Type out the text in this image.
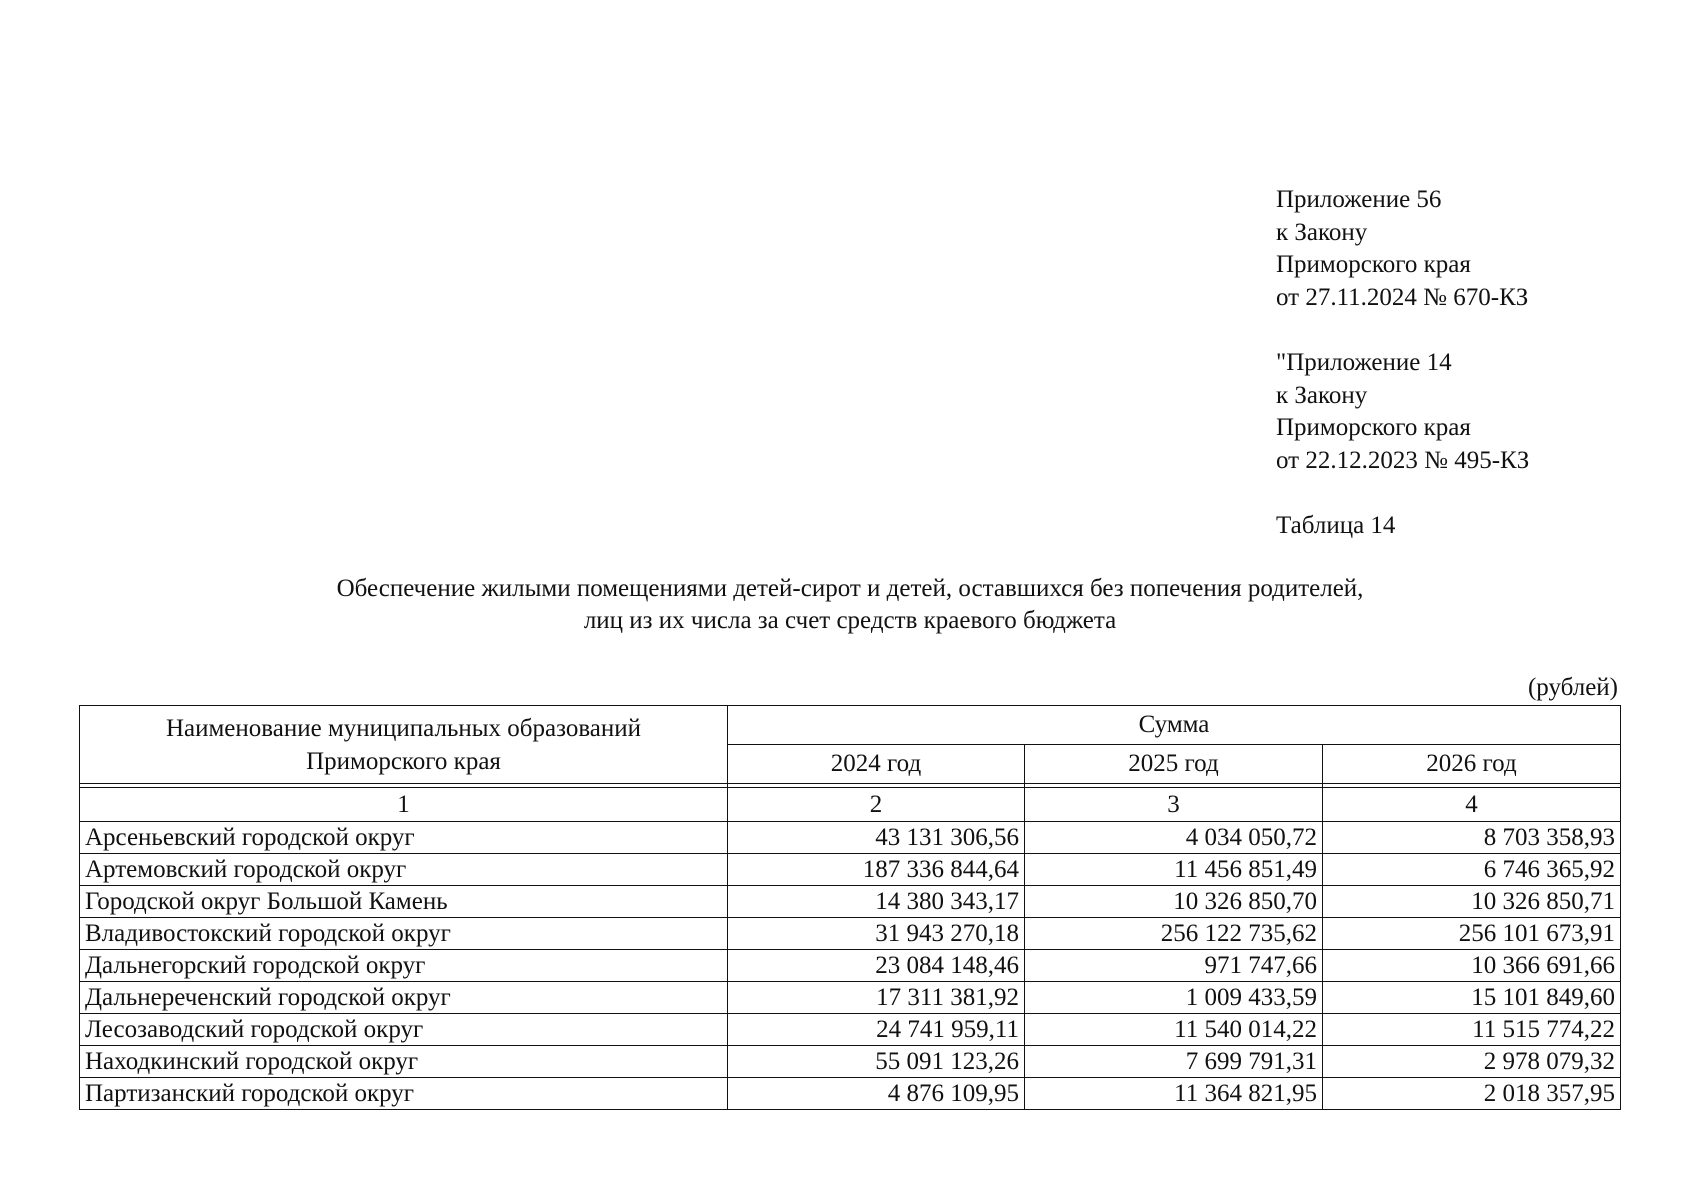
Приложение 56
к Закону
Приморского края
от 27.11.2024 № 670-КЗ
"Приложение 14
к Закону
Приморского края
от 22.12.2023 № 495-КЗ
Таблица 14
Обеспечение жилыми помещениями детей-сирот и детей, оставшихся без попечения родителей,
лиц из их числа за счет средств краевого бюджета
(рублей)
Наименование муниципальных образований
Приморского края	Сумма		
	2024 год	2025 год	2026 год

1	2	3	4
Арсеньевский городской округ	43 131 306,56	4 034 050,72	8 703 358,93
Артемовский городской округ	187 336 844,64	11 456 851,49	6 746 365,92
Городской округ Большой Камень	14 380 343,17	10 326 850,70	10 326 850,71
Владивостокский городской округ	31 943 270,18	256 122 735,62	256 101 673,91
Дальнегорский городской округ	23 084 148,46	971 747,66	10 366 691,66
Дальнереченский городской округ	17 311 381,92	1 009 433,59	15 101 849,60
Лесозаводский городской округ	24 741 959,11	11 540 014,22	11 515 774,22
Находкинский городской округ	55 091 123,26	7 699 791,31	2 978 079,32
Партизанский городской округ	4 876 109,95	11 364 821,95	2 018 357,95
